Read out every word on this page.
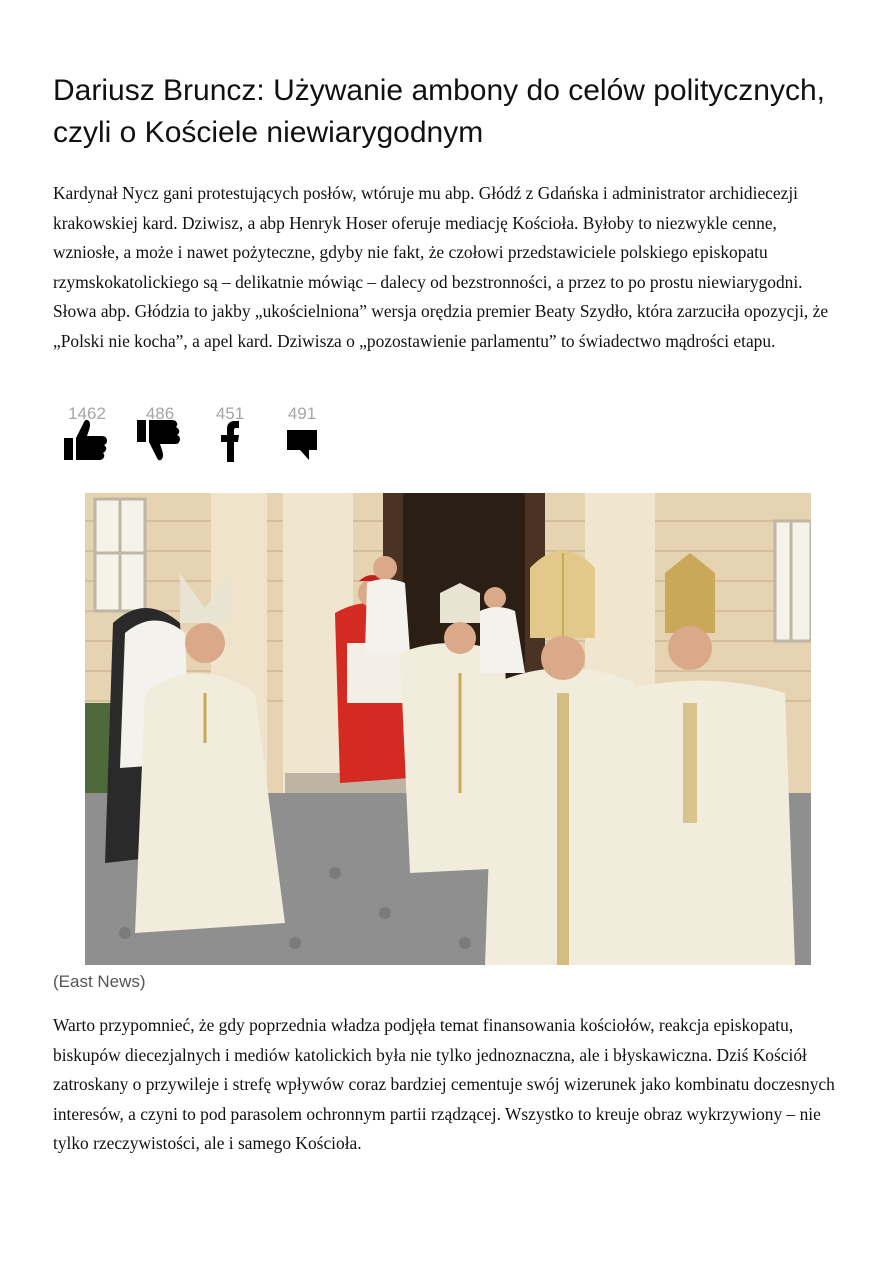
Dariusz Bruncz: Używanie ambony do celów politycznych, czyli o Kościele niewiarygodnym

Kardynał Nycz gani protestujących posłów, wtóruje mu abp. Głódź z Gdańska i administrator archidiecezji krakowskiej kard. Dziwisz, a abp Henryk Hoser oferuje mediację Kościoła. Byłoby to niezwykle cenne, wzniosłe, a może i nawet pożyteczne, gdyby nie fakt, że czołowi przedstawiciele polskiego episkopatu rzymskokatolickiego są – delikatnie mówiąc – dalecy od bezstronności, a przez to po prostu niewiarygodni. Słowa abp. Głódzia to jakby „ukościelniona” wersja orędzia premier Beaty Szydło, która zarzuciła opozycji, że „Polski nie kocha”, a apel kard. Dziwisza o „pozostawienie parlamentu” to świadectwo mądrości etapu.

1462	486	451	491

(East News)

Warto przypomnieć, że gdy poprzednia władza podjęła temat finansowania kościołów, reakcja episkopatu, biskupów diecezjalnych i mediów katolickich była nie tylko jednoznaczna, ale i błyskawiczna. Dziś Kościół zatroskany o przywileje i strefę wpływów coraz bardziej cementuje swój wizerunek jako kombinatu doczesnych interesów, a czyni to pod parasolem ochronnym partii rządzącej. Wszystko to kreuje obraz wykrzywiony – nie tylko rzeczywistości, ale i samego Kościoła.
